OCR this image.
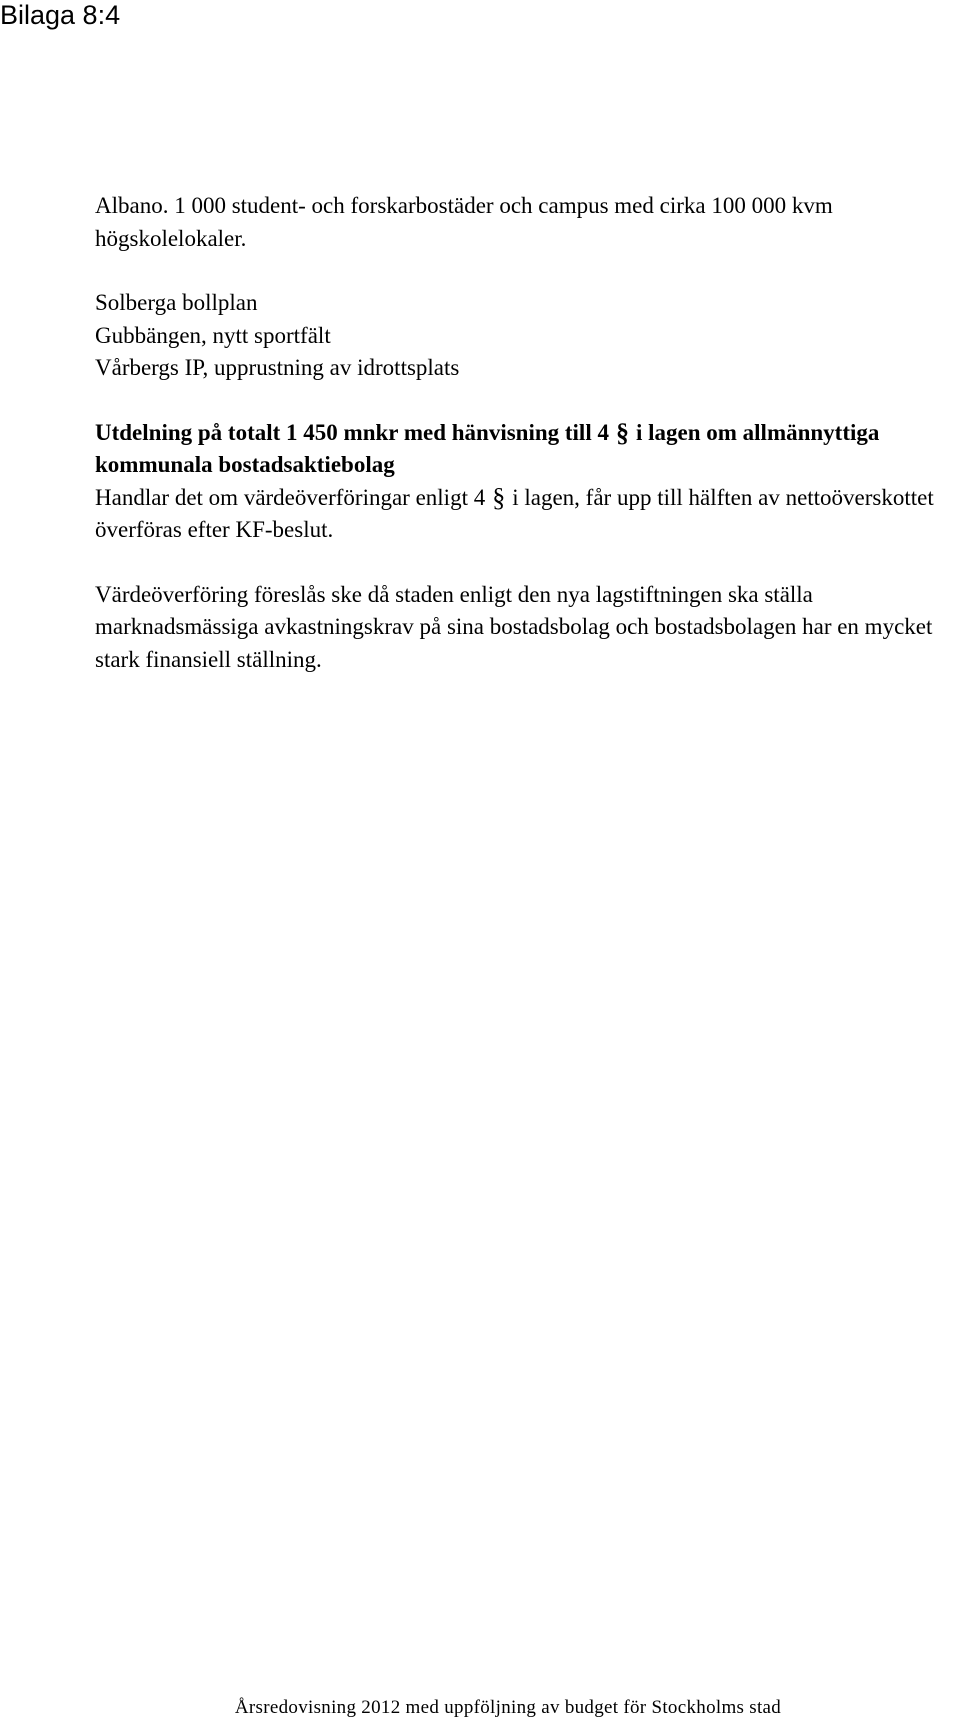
Bilaga 8:4

Albano. 1 000 student- och forskarbostäder och campus med cirka 100 000 kvm högskolelokaler.

Solberga bollplan
Gubbängen, nytt sportfält
Vårbergs IP, upprustning av idrottsplats

Utdelning på totalt 1 450 mnkr med hänvisning till 4 § i lagen om allmännyttiga kommunala bostadsaktiebolag

Handlar det om värdeöverföringar enligt 4 § i lagen, får upp till hälften av nettoöverskottet överföras efter KF-beslut.

Värdeöverföring föreslås ske då staden enligt den nya lagstiftningen ska ställa marknadsmässiga avkastningskrav på sina bostadsbolag och bostadsbolagen har en mycket stark finansiell ställning.

Årsredovisning 2012 med uppföljning av budget för Stockholms stad
